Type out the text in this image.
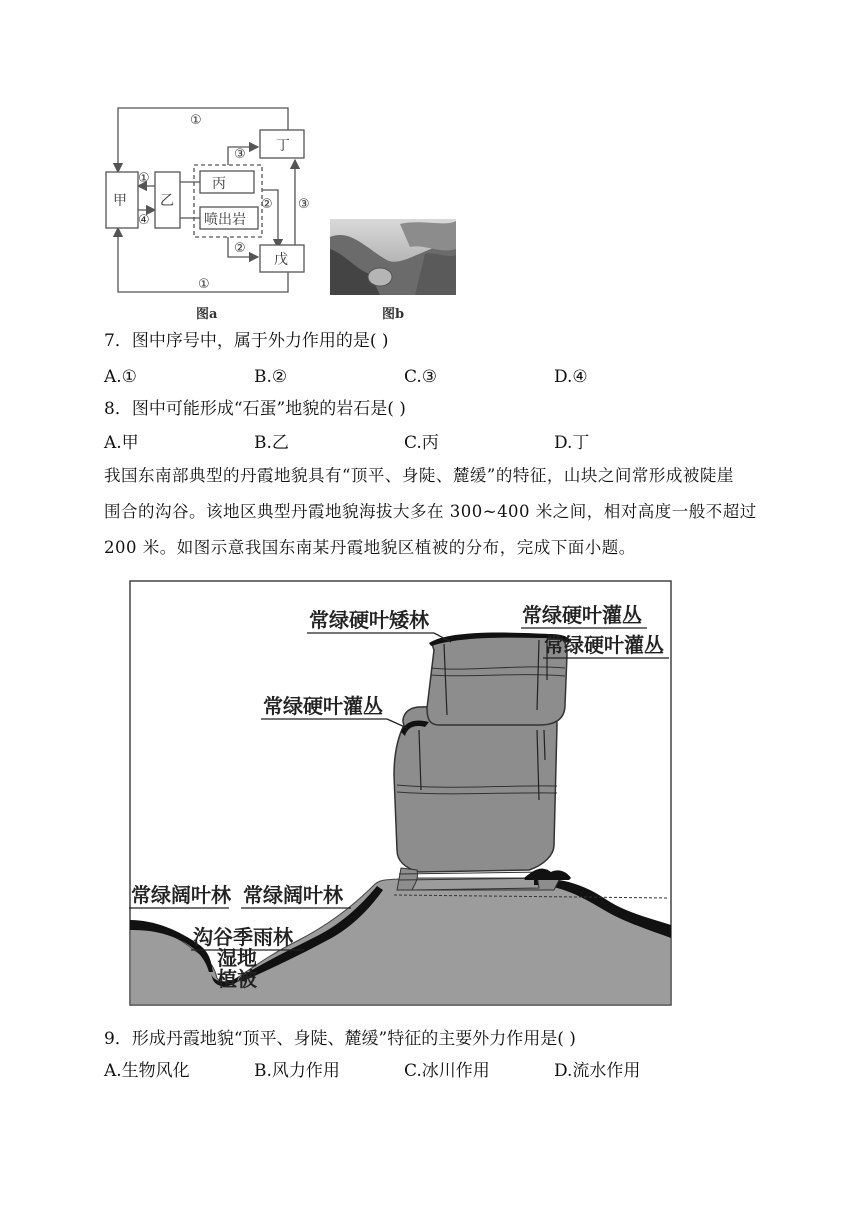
甲 乙
丙
喷出岩
丁
戊
①
①
①
④
③
②
②
③
图a	图b
7．图中序号中，属于外力作用的是( )
A.①	B.②	C.③	D.④
8．图中可能形成“石蛋”地貌的岩石是( )
A.甲	B.乙	C.丙	D.丁
我国东南部典型的丹霞地貌具有“顶平、身陡、麓缓”的特征，山块之间常形成被陡崖
围合的沟谷。该地区典型丹霞地貌海拔大多在 300~400 米之间，相对高度一般不超过
200 米。如图示意我国东南某丹霞地貌区植被的分布，完成下面小题。
常绿硬叶矮林	常绿硬叶灌丛
常绿硬叶灌丛
常绿硬叶灌丛
常绿阔叶林 常绿阔叶林
沟谷季雨林
湿地
植被
9．形成丹霞地貌“顶平、身陡、麓缓”特征的主要外力作用是( )
A.生物风化	B.风力作用	C.冰川作用	D.流水作用
